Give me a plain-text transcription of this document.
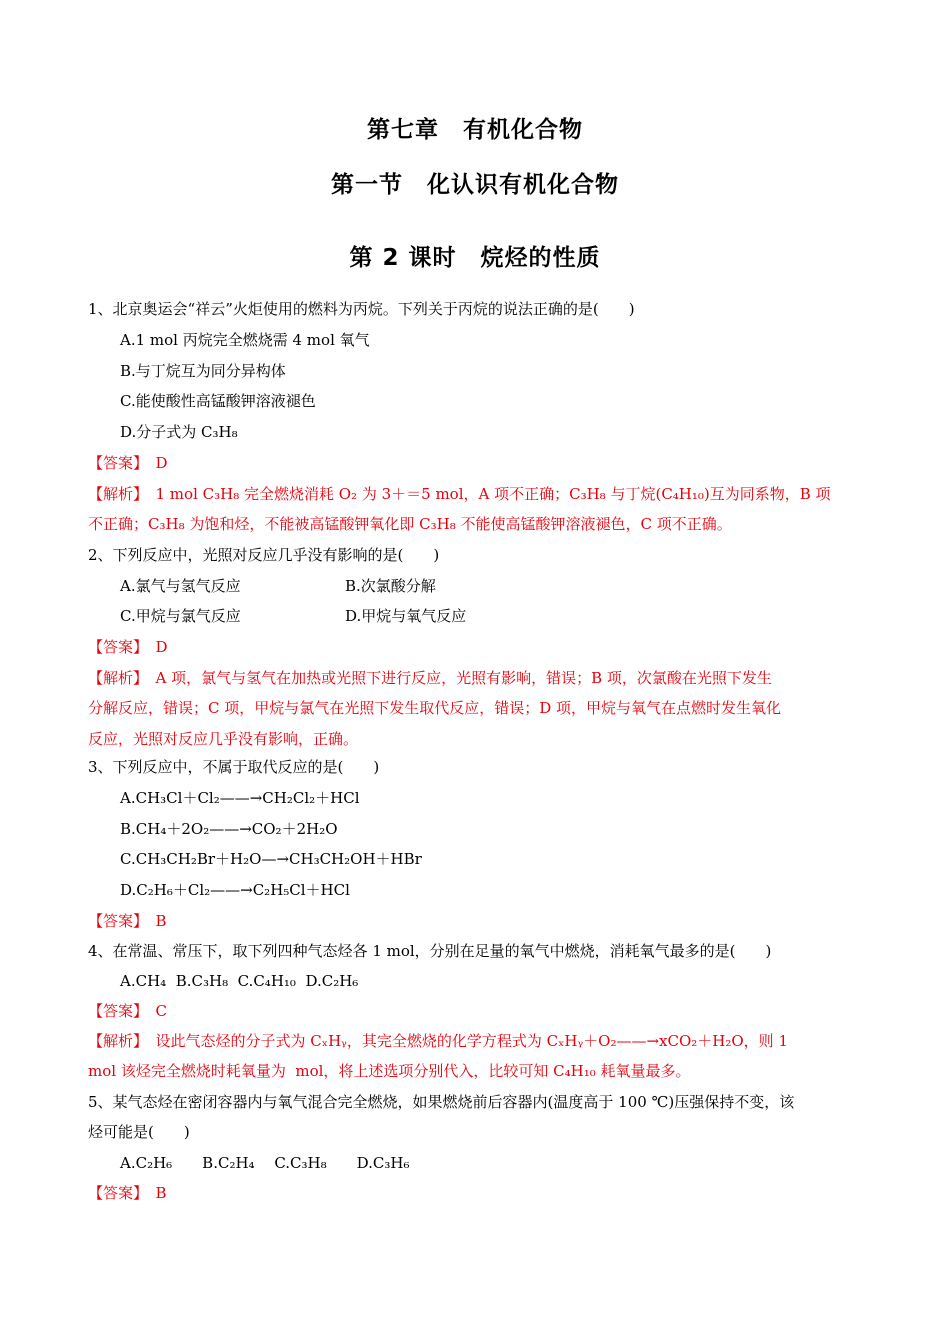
第七章　有机化合物
第一节　化认识有机化合物
第 2 课时　烷烃的性质
1、北京奥运会“祥云”火炬使用的燃料为丙烷。下列关于丙烷的说法正确的是(　　)
A.1 mol 丙烷完全燃烧需 4 mol 氧气
B.与丁烷互为同分异构体
C.能使酸性高锰酸钾溶液褪色
D.分子式为 C₃H₈
【答案】　D
【解析】　1 mol C₃H₈ 完全燃烧消耗 O₂ 为 3＋＝5 mol，A 项不正确；C₃H₈ 与丁烷(C₄H₁₀)互为同系物，B 项
不正确；C₃H₈ 为饱和烃，不能被高锰酸钾氧化即 C₃H₈ 不能使高锰酸钾溶液褪色，C 项不正确。
2、下列反应中，光照对反应几乎没有影响的是(　　)
A.氯气与氢气反应	B.次氯酸分解
C.甲烷与氯气反应	D.甲烷与氧气反应
【答案】　D
【解析】　A 项，氯气与氢气在加热或光照下进行反应，光照有影响，错误；B 项，次氯酸在光照下发生
分解反应，错误；C 项，甲烷与氯气在光照下发生取代反应，错误；D 项，甲烷与氧气在点燃时发生氧化
反应，光照对反应几乎没有影响，正确。
3、下列反应中，不属于取代反应的是(　　)
A.CH₃Cl＋Cl₂——→CH₂Cl₂＋HCl
B.CH₄＋2O₂——→CO₂＋2H₂O
C.CH₃CH₂Br＋H₂O—→CH₃CH₂OH＋HBr
D.C₂H₆＋Cl₂——→C₂H₅Cl＋HCl
【答案】　B
4、在常温、常压下，取下列四种气态烃各 1 mol，分别在足量的氧气中燃烧，消耗氧气最多的是(　　)
A.CH₄  B.C₃H₈  C.C₄H₁₀  D.C₂H₆
【答案】　C
【解析】　设此气态烃的分子式为 CₓHᵧ，其完全燃烧的化学方程式为 CₓHᵧ＋O₂——→xCO₂＋H₂O，则 1
mol 该烃完全燃烧时耗氧量为  mol，将上述选项分别代入，比较可知 C₄H₁₀ 耗氧量最多。
5、某气态烃在密闭容器内与氧气混合完全燃烧，如果燃烧前后容器内(温度高于 100 ℃)压强保持不变，该
烃可能是(　　)
A.C₂H₆　　B.C₂H₄　 C.C₃H₈　　D.C₃H₆
【答案】　B
